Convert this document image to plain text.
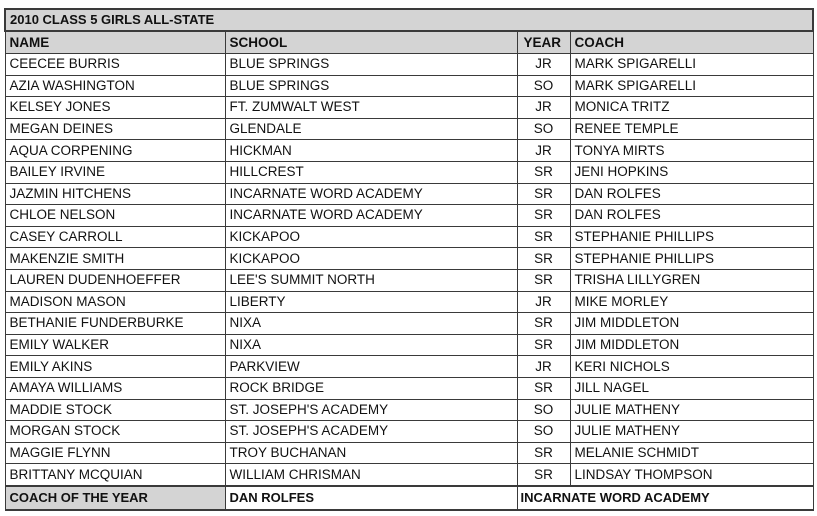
2010 CLASS 5 GIRLS ALL-STATE			
NAME	SCHOOL	YEAR	COACH
CEECEE BURRIS	BLUE SPRINGS	JR	MARK SPIGARELLI
AZIA WASHINGTON	BLUE SPRINGS	SO	MARK SPIGARELLI
KELSEY JONES	FT. ZUMWALT WEST	JR	MONICA TRITZ
MEGAN DEINES	GLENDALE	SO	RENEE TEMPLE
AQUA CORPENING	HICKMAN	JR	TONYA MIRTS
BAILEY IRVINE	HILLCREST	SR	JENI HOPKINS
JAZMIN HITCHENS	INCARNATE WORD ACADEMY	SR	DAN ROLFES
CHLOE NELSON	INCARNATE WORD ACADEMY	SR	DAN ROLFES
CASEY CARROLL	KICKAPOO	SR	STEPHANIE PHILLIPS
MAKENZIE SMITH	KICKAPOO	SR	STEPHANIE PHILLIPS
LAUREN DUDENHOEFFER	LEE'S SUMMIT NORTH	SR	TRISHA LILLYGREN
MADISON MASON	LIBERTY	JR	MIKE MORLEY
BETHANIE FUNDERBURKE	NIXA	SR	JIM MIDDLETON
EMILY WALKER	NIXA	SR	JIM MIDDLETON
EMILY AKINS	PARKVIEW	JR	KERI NICHOLS
AMAYA WILLIAMS	ROCK BRIDGE	SR	JILL NAGEL
MADDIE STOCK	ST. JOSEPH'S ACADEMY	SO	JULIE MATHENY
MORGAN STOCK	ST. JOSEPH'S ACADEMY	SO	JULIE MATHENY
MAGGIE FLYNN	TROY BUCHANAN	SR	MELANIE SCHMIDT
BRITTANY MCQUIAN	WILLIAM CHRISMAN	SR	LINDSAY THOMPSON
COACH OF THE YEAR	DAN ROLFES	INCARNATE WORD ACADEMY	
